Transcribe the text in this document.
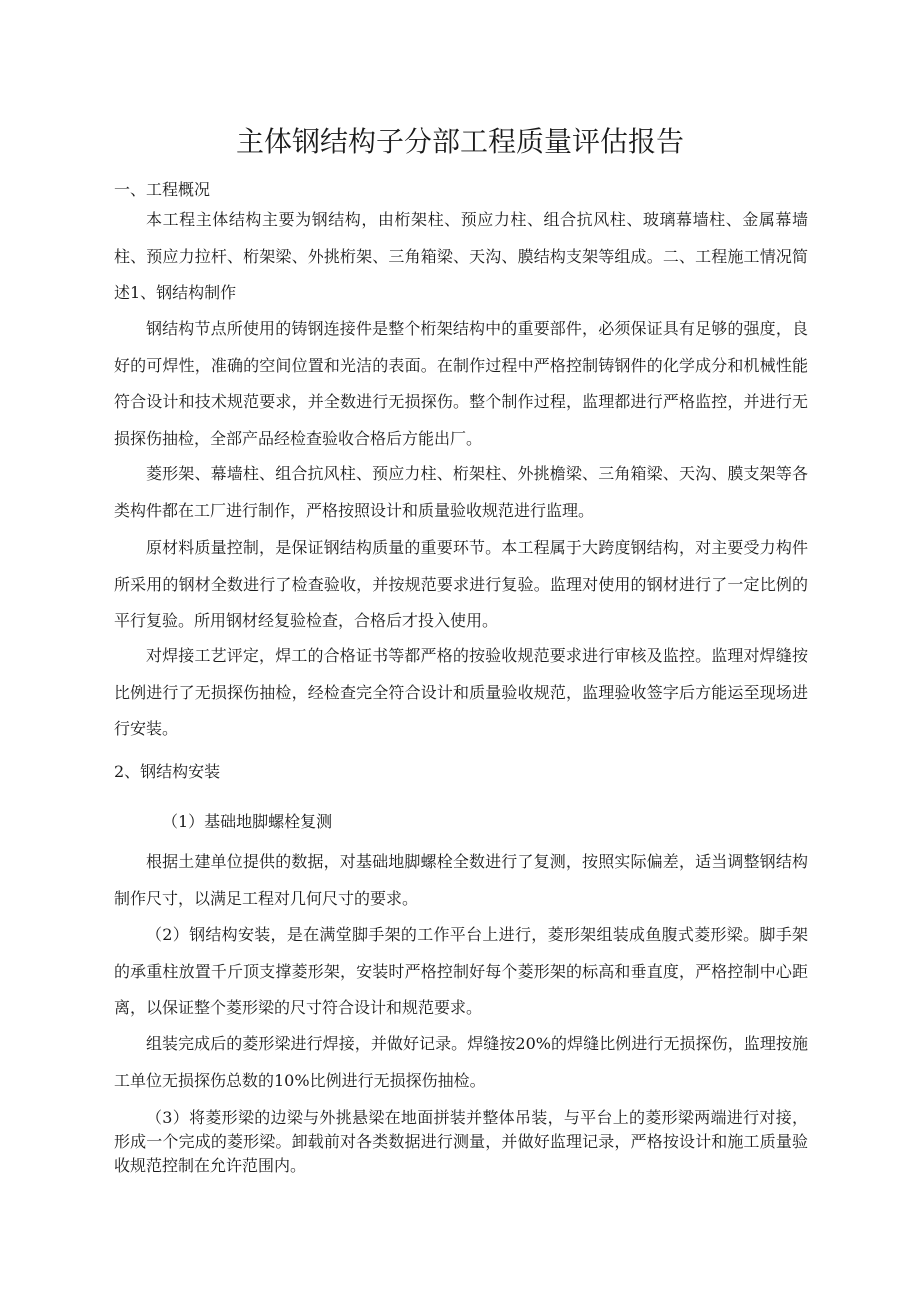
主体钢结构子分部工程质量评估报告

一、工程概况

本工程主体结构主要为钢结构，由桁架柱、预应力柱、组合抗风柱、玻璃幕墙柱、金属幕墙柱、预应力拉杆、桁架梁、外挑桁架、三角箱梁、天沟、膜结构支架等组成。二、工程施工情况简述1、钢结构制作

钢结构节点所使用的铸钢连接件是整个桁架结构中的重要部件，必须保证具有足够的强度，良好的可焊性，准确的空间位置和光洁的表面。在制作过程中严格控制铸钢件的化学成分和机械性能符合设计和技术规范要求，并全数进行无损探伤。整个制作过程，监理都进行严格监控，并进行无损探伤抽检，全部产品经检查验收合格后方能出厂。

菱形架、幕墙柱、组合抗风柱、预应力柱、桁架柱、外挑檐梁、三角箱梁、天沟、膜支架等各类构件都在工厂进行制作，严格按照设计和质量验收规范进行监理。

原材料质量控制，是保证钢结构质量的重要环节。本工程属于大跨度钢结构，对主要受力构件所采用的钢材全数进行了检查验收，并按规范要求进行复验。监理对使用的钢材进行了一定比例的平行复验。所用钢材经复验检查，合格后才投入使用。

对焊接工艺评定，焊工的合格证书等都严格的按验收规范要求进行审核及监控。监理对焊缝按比例进行了无损探伤抽检，经检查完全符合设计和质量验收规范，监理验收签字后方能运至现场进行安装。

2、钢结构安装

（1）基础地脚螺栓复测

根据土建单位提供的数据，对基础地脚螺栓全数进行了复测，按照实际偏差，适当调整钢结构制作尺寸，以满足工程对几何尺寸的要求。

（2）钢结构安装，是在满堂脚手架的工作平台上进行，菱形架组装成鱼腹式菱形梁。脚手架的承重柱放置千斤顶支撑菱形架，安装时严格控制好每个菱形架的标高和垂直度，严格控制中心距离，以保证整个菱形梁的尺寸符合设计和规范要求。

组装完成后的菱形梁进行焊接，并做好记录。焊缝按20%的焊缝比例进行无损探伤，监理按施工单位无损探伤总数的10%比例进行无损探伤抽检。

（3）将菱形梁的边梁与外挑悬梁在地面拼装并整体吊装，与平台上的菱形梁两端进行对接，形成一个完成的菱形梁。卸载前对各类数据进行测量，并做好监理记录，严格按设计和施工质量验收规范控制在允许范围内。
